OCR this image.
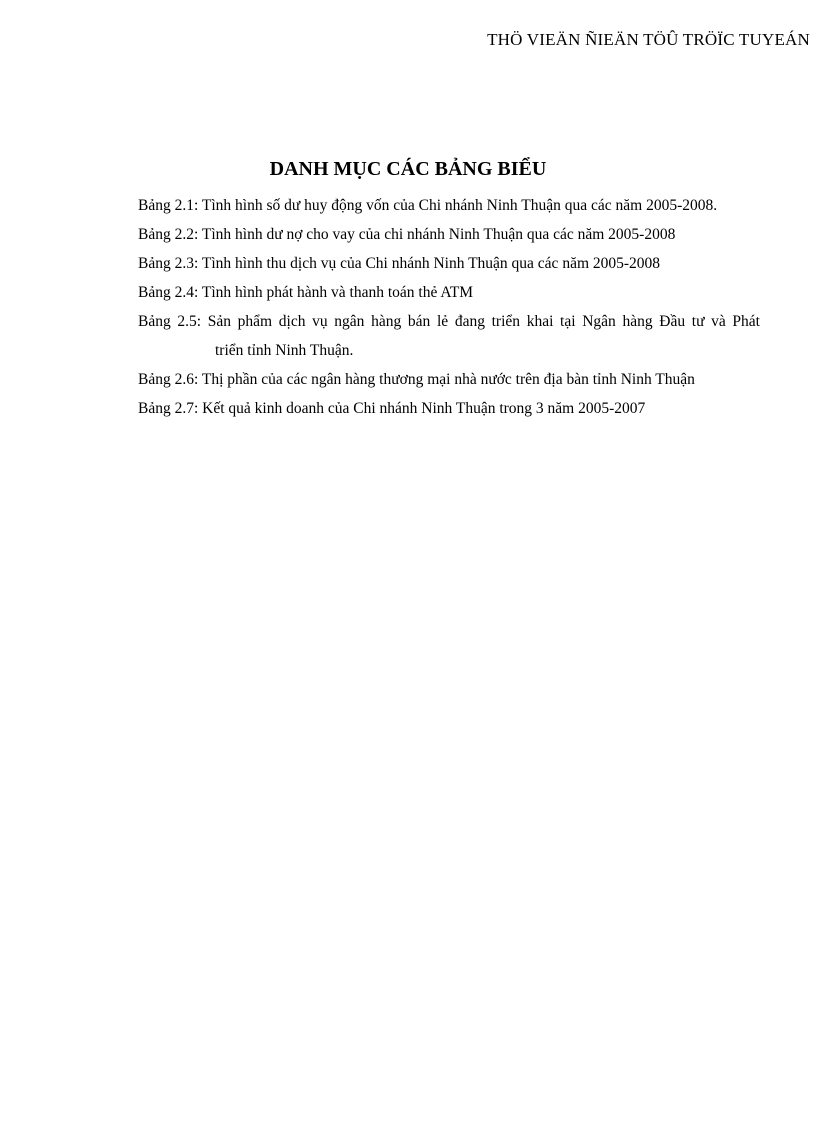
THÖ VIEÄN ÑIEÄN TÖÛ TRÖÏC TUYEÁN
DANH MỤC CÁC BẢNG BIỂU

Bảng 2.1: Tình hình số dư huy động vốn của Chi nhánh Ninh Thuận qua các năm 2005-2008.

Bảng 2.2: Tình hình dư nợ cho vay của chi nhánh Ninh Thuận qua các năm 2005-2008

Bảng 2.3: Tình hình thu dịch vụ của Chi nhánh Ninh Thuận qua các năm 2005-2008

Bảng 2.4: Tình hình phát hành và thanh toán thẻ ATM

Bảng 2.5: Sản phẩm dịch vụ ngân hàng bán lẻ đang triển khai tại Ngân hàng Đầu tư và Pháttriển tỉnh Ninh Thuận.

Bảng 2.6: Thị phần của các ngân hàng thương mại nhà nước trên địa bàn tỉnh Ninh Thuận

Bảng 2.7: Kết quả kinh doanh của Chi nhánh Ninh Thuận trong 3 năm 2005-2007
